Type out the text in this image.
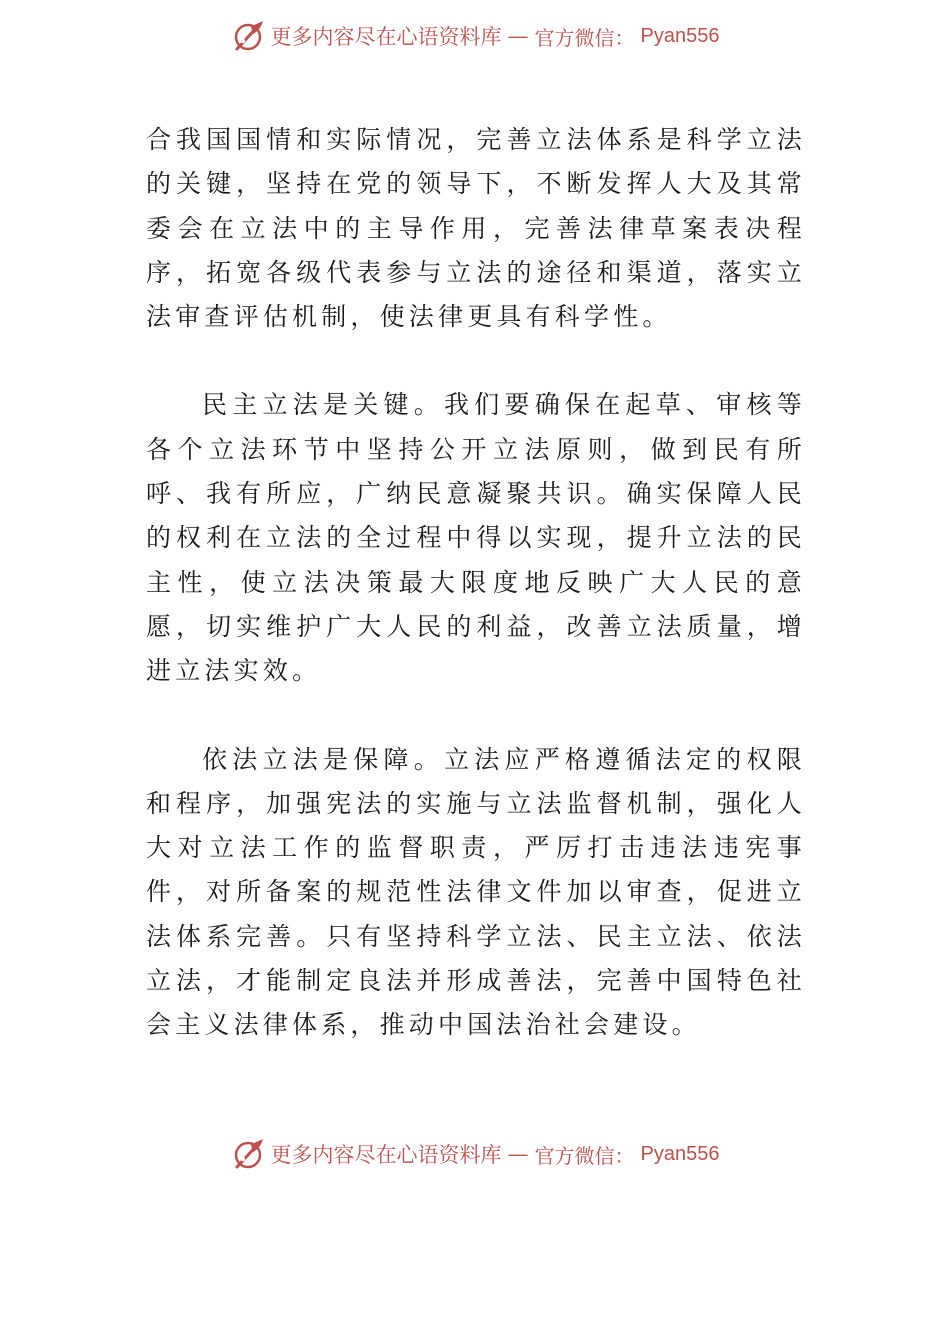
更多内容尽在心语资料库 — 官方微信： Pyan556

合我国国情和实际情况，完善立法体系是科学立法的关键，坚持在党的领导下，不断发挥人大及其常委会在立法中的主导作用，完善法律草案表决程序，拓宽各级代表参与立法的途径和渠道，落实立法审查评估机制，使法律更具有科学性。

民主立法是关键。我们要确保在起草、审核等各个立法环节中坚持公开立法原则，做到民有所呼、我有所应，广纳民意凝聚共识。确实保障人民的权利在立法的全过程中得以实现，提升立法的民主性，使立法决策最大限度地反映广大人民的意愿，切实维护广大人民的利益，改善立法质量，增进立法实效。

依法立法是保障。立法应严格遵循法定的权限和程序，加强宪法的实施与立法监督机制，强化人大对立法工作的监督职责，严厉打击违法违宪事件，对所备案的规范性法律文件加以审查，促进立法体系完善。只有坚持科学立法、民主立法、依法立法，才能制定良法并形成善法，完善中国特色社会主义法律体系，推动中国法治社会建设。

更多内容尽在心语资料库 — 官方微信： Pyan556
